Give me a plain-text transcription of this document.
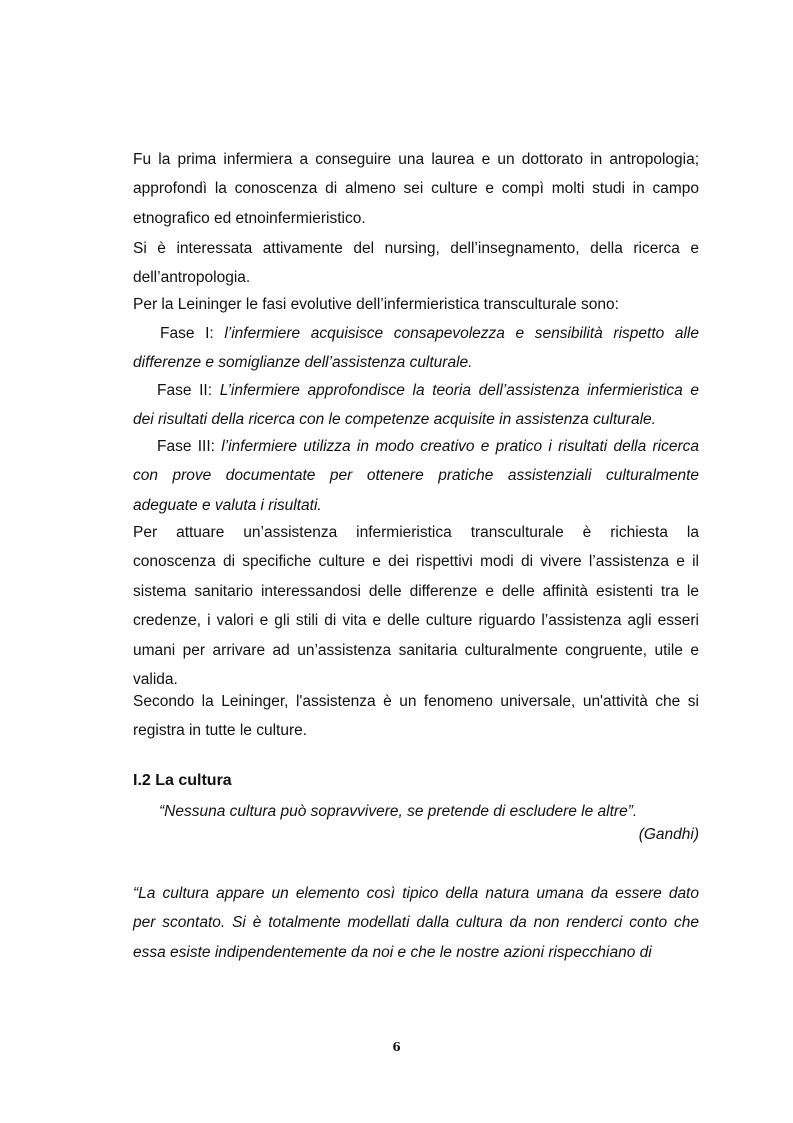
Fu la prima infermiera a conseguire una laurea e un dottorato in antropologia;
approfondì la conoscenza di almeno sei culture e compì molti studi in campo
etnografico ed etnoinfermieristico.
Si è interessata attivamente del nursing, dell’insegnamento, della ricerca e
dell’antropologia.
Per la Leininger le fasi evolutive dell’infermieristica transculturale sono:
Fase I: l’infermiere acquisisce consapevolezza e sensibilità rispetto alle
differenze e somiglianze dell’assistenza culturale.
Fase II: L’infermiere approfondisce la teoria dell’assistenza infermieristica e
dei risultati della ricerca con le competenze acquisite in assistenza culturale.
Fase III: l’infermiere utilizza in modo creativo e pratico i risultati della ricerca
con prove documentate per ottenere pratiche assistenziali culturalmente
adeguate e valuta i risultati.
Per attuare un’assistenza infermieristica transculturale è richiesta la
conoscenza di specifiche culture e dei rispettivi modi di vivere l’assistenza e il
sistema sanitario interessandosi delle differenze e delle affinità esistenti tra le
credenze, i valori e gli stili di vita e delle culture riguardo l’assistenza agli esseri
umani per arrivare ad un’assistenza sanitaria culturalmente congruente, utile e
valida.
Secondo la Leininger, l'assistenza è un fenomeno universale, un'attività che si
registra in tutte le culture.
I.2 La cultura
“Nessuna cultura può sopravvivere, se pretende di escludere le altre”.
(Gandhi)
“La cultura appare un elemento così tipico della natura umana da essere dato
per scontato. Si è totalmente modellati dalla cultura da non renderci conto che
essa esiste indipendentemente da noi e che le nostre azioni rispecchiano di
6
